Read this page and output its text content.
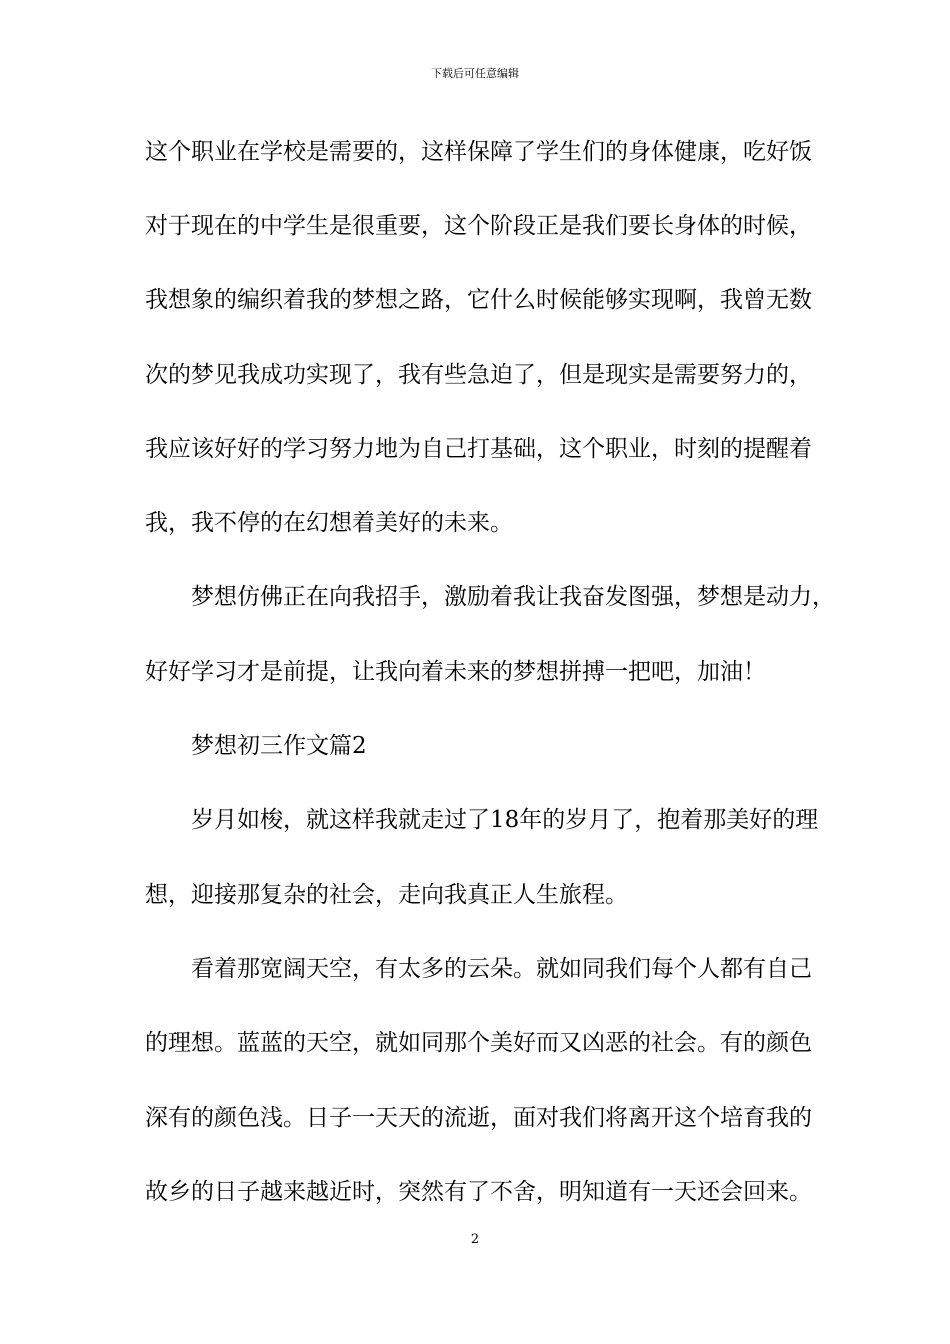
下载后可任意编辑
这个职业在学校是需要的，这样保障了学生们的身体健康，吃好饭
对于现在的中学生是很重要，这个阶段正是我们要长身体的时候，
我想象的编织着我的梦想之路，它什么时候能够实现啊，我曾无数
次的梦见我成功实现了，我有些急迫了，但是现实是需要努力的，
我应该好好的学习努力地为自己打基础，这个职业，时刻的提醒着
我，我不停的在幻想着美好的未来。
梦想仿佛正在向我招手，激励着我让我奋发图强，梦想是动力，
好好学习才是前提，让我向着未来的梦想拼搏一把吧，加油！
梦想初三作文篇2
岁月如梭，就这样我就走过了18年的岁月了，抱着那美好的理
想，迎接那复杂的社会，走向我真正人生旅程。
看着那宽阔天空，有太多的云朵。就如同我们每个人都有自己
的理想。蓝蓝的天空，就如同那个美好而又凶恶的社会。有的颜色
深有的颜色浅。日子一天天的流逝，面对我们将离开这个培育我的
故乡的日子越来越近时，突然有了不舍，明知道有一天还会回来。
2
